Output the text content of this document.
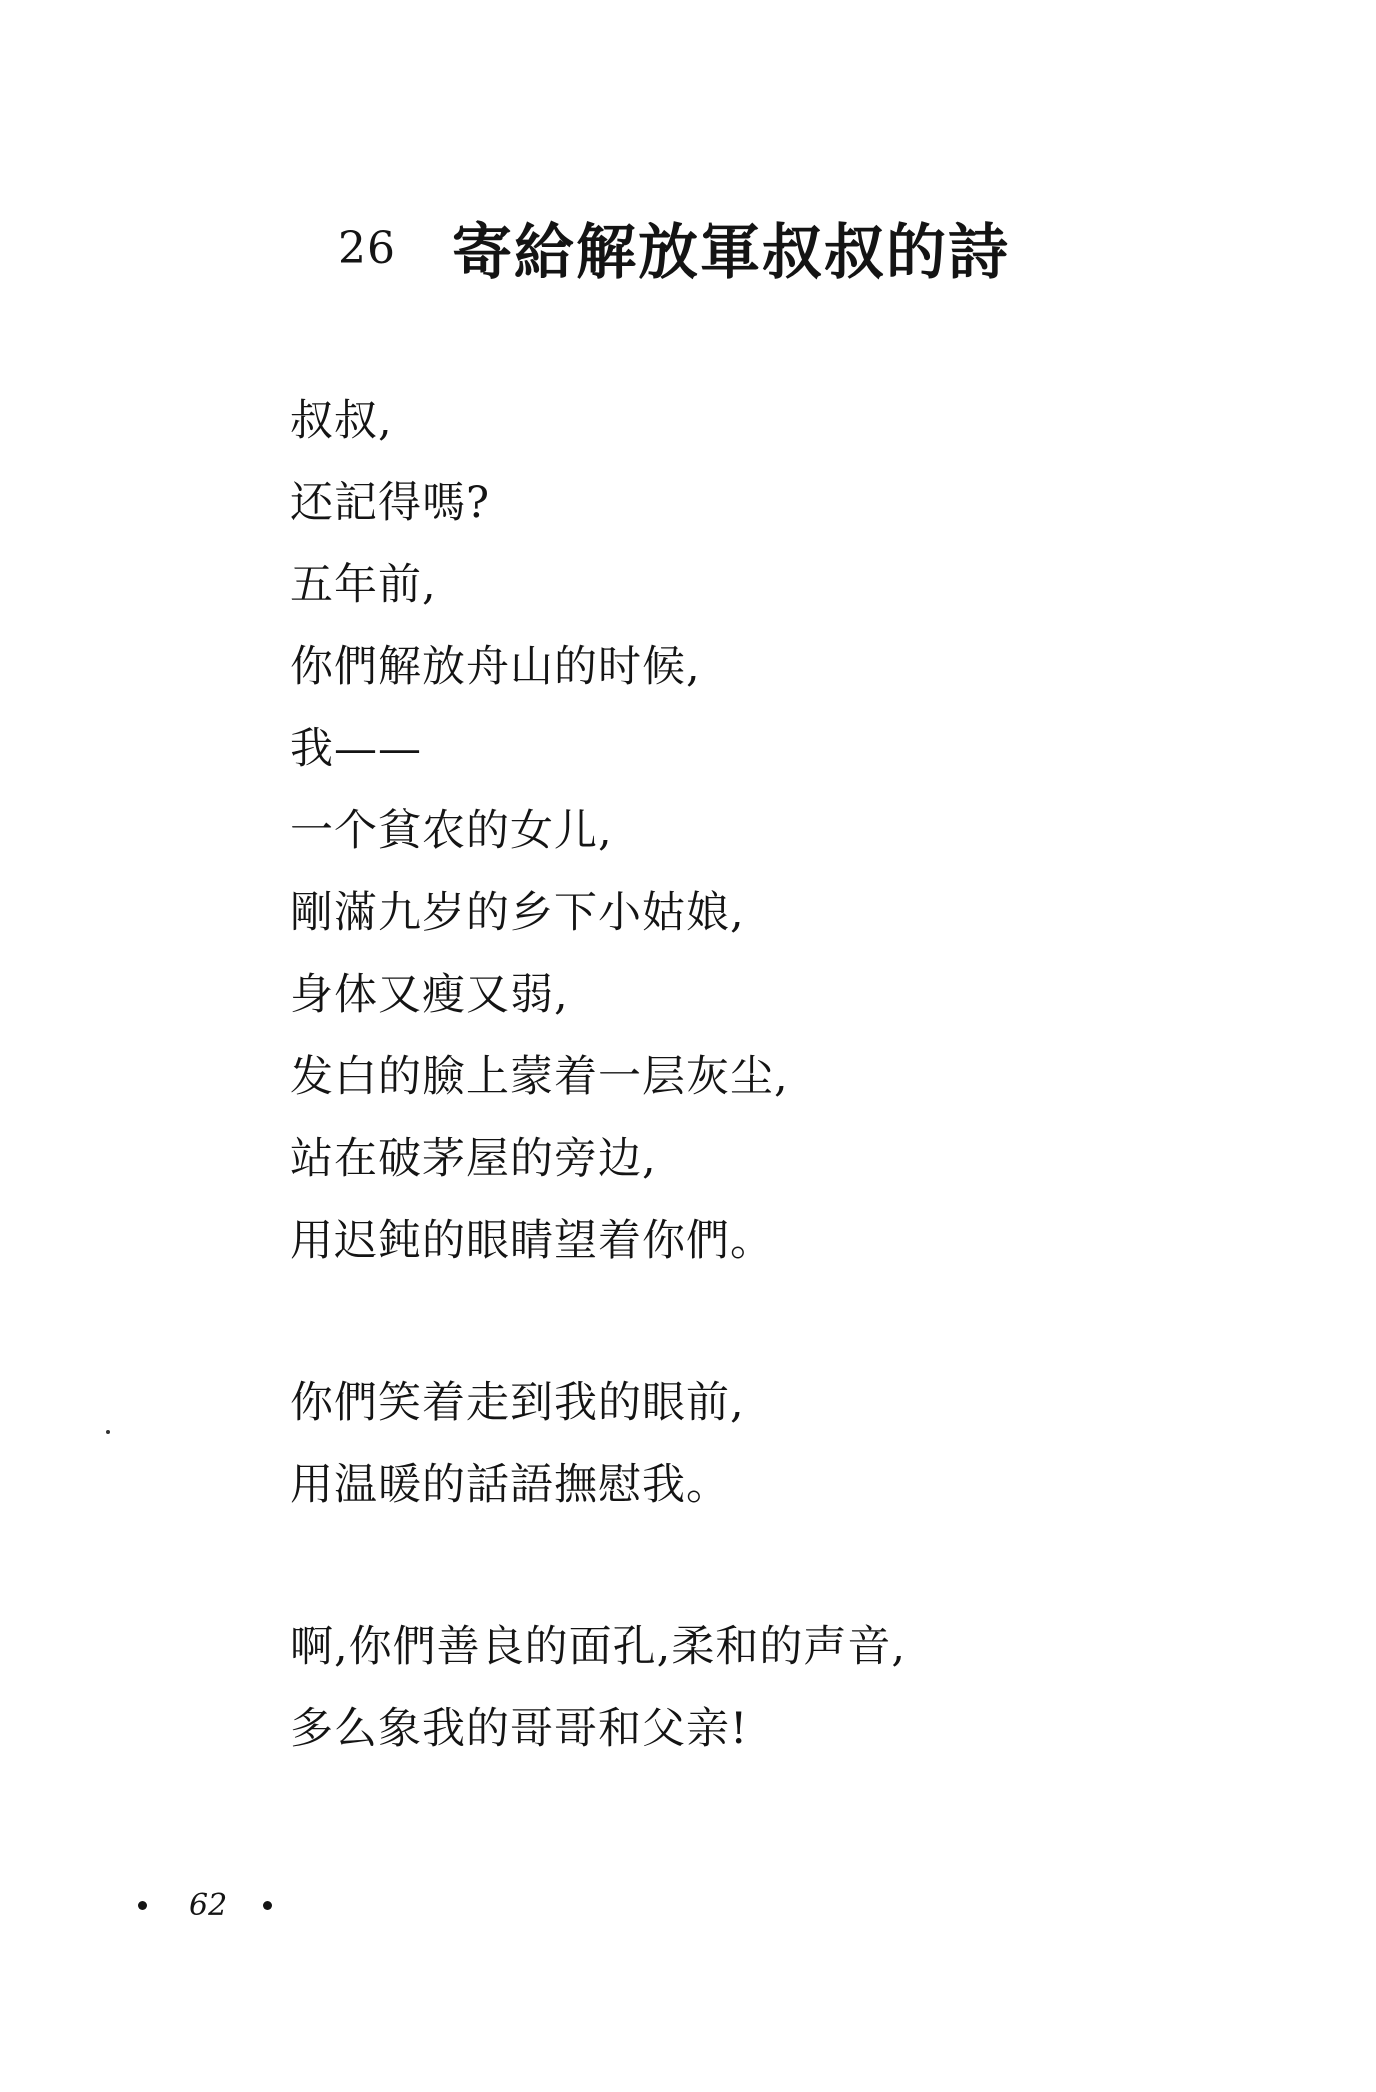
26 寄給解放軍叔叔的詩

叔叔,
还記得嗎?
五年前,
你們解放舟山的时候,
我——
一个貧农的女儿,
剛滿九岁的乡下小姑娘,
身体又瘦又弱,
发白的臉上蒙着一层灰尘,
站在破茅屋的旁边,
用迟鈍的眼睛望着你們。

你們笑着走到我的眼前,
用温暖的話語撫慰我。

啊,你們善良的面孔,柔和的声音,
多么象我的哥哥和父亲!

62
